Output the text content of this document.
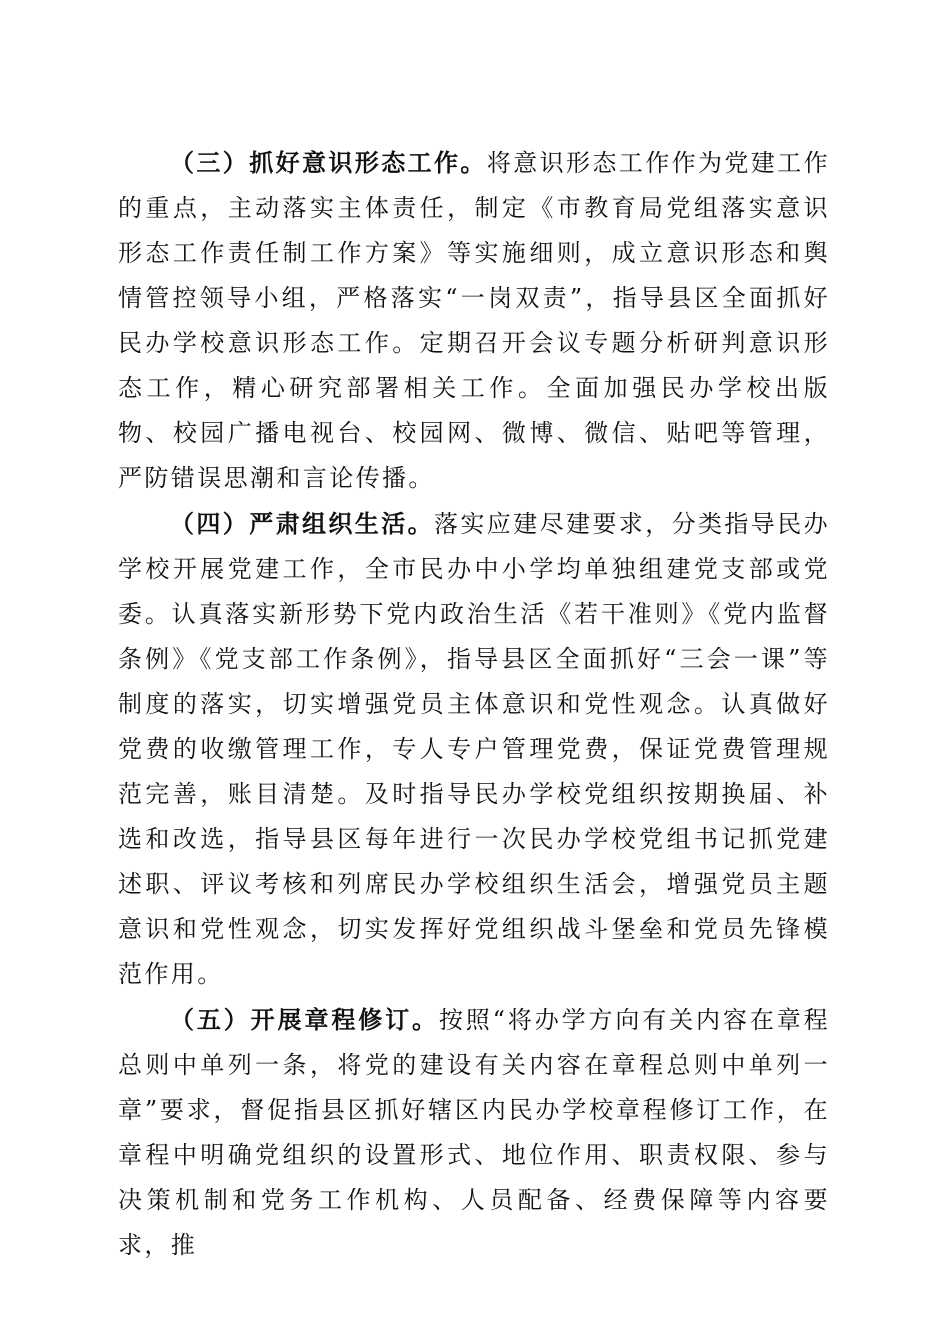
（三）抓好意识形态工作。将意识形态工作作为党建工作的重点，主动落实主体责任，制定《市教育局党组落实意识形态工作责任制工作方案》等实施细则，成立意识形态和舆情管控领导小组，严格落实“一岗双责”，指导县区全面抓好民办学校意识形态工作。定期召开会议专题分析研判意识形态工作，精心研究部署相关工作。全面加强民办学校出版物、校园广播电视台、校园网、微博、微信、贴吧等管理，严防错误思潮和言论传播。

（四）严肃组织生活。落实应建尽建要求，分类指导民办学校开展党建工作，全市民办中小学均单独组建党支部或党委。认真落实新形势下党内政治生活《若干准则》《党内监督条例》《党支部工作条例》，指导县区全面抓好“三会一课”等制度的落实，切实增强党员主体意识和党性观念。认真做好党费的收缴管理工作，专人专户管理党费，保证党费管理规范完善，账目清楚。及时指导民办学校党组织按期换届、补选和改选，指导县区每年进行一次民办学校党组书记抓党建述职、评议考核和列席民办学校组织生活会，增强党员主题意识和党性观念，切实发挥好党组织战斗堡垒和党员先锋模范作用。

（五）开展章程修订。按照“将办学方向有关内容在章程总则中单列一条，将党的建设有关内容在章程总则中单列一章”要求，督促指县区抓好辖区内民办学校章程修订工作，在章程中明确党组织的设置形式、地位作用、职责权限、参与决策机制和党务工作机构、人员配备、经费保障等内容要求，推
